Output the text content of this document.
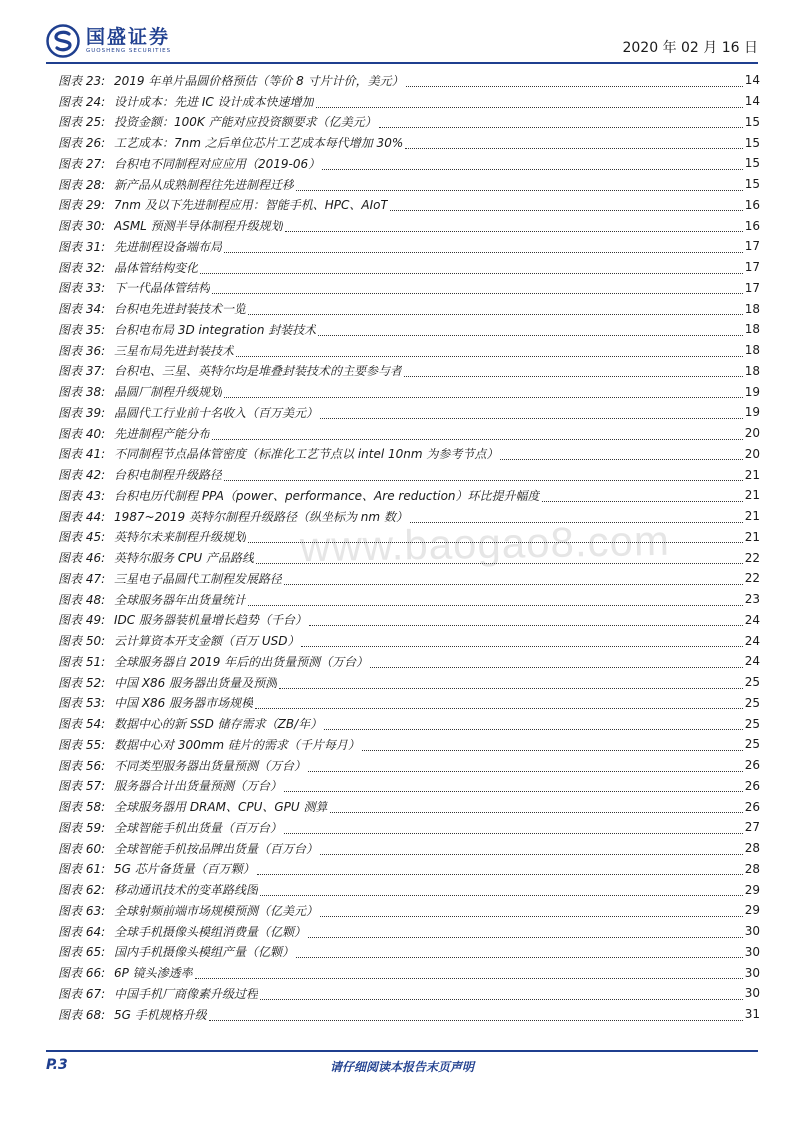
国盛证券
GUOSHENG SECURITIES	2020 年 02 月 16 日
www.baogao8.com
图表 23: 2019 年单片晶圆价格预估（等价 8 寸片计价，美元）	14
图表 24: 设计成本：先进 IC 设计成本快速增加	14
图表 25: 投资金额：100K 产能对应投资额要求（亿美元）	15
图表 26: 工艺成本：7nm 之后单位芯片工艺成本每代增加 30%	15
图表 27: 台积电不同制程对应应用（2019-06）	15
图表 28: 新产品从成熟制程往先进制程迁移	15
图表 29: 7nm 及以下先进制程应用：智能手机、HPC、AIoT	16
图表 30: ASML 预测半导体制程升级规划	16
图表 31: 先进制程设备端布局	17
图表 32: 晶体管结构变化	17
图表 33: 下一代晶体管结构	17
图表 34: 台积电先进封装技术一览	18
图表 35: 台积电布局 3D integration 封装技术	18
图表 36: 三星布局先进封装技术	18
图表 37: 台积电、三星、英特尔均是堆叠封装技术的主要参与者	18
图表 38: 晶圆厂制程升级规划	19
图表 39: 晶圆代工行业前十名收入（百万美元）	19
图表 40: 先进制程产能分布	20
图表 41: 不同制程节点晶体管密度（标准化工艺节点以 intel 10nm 为参考节点）	20
图表 42: 台积电制程升级路径	21
图表 43: 台积电历代制程 PPA（power、performance、Are reduction）环比提升幅度	21
图表 44: 1987~2019 英特尔制程升级路径（纵坐标为 nm 数）	21
图表 45: 英特尔未来制程升级规划	21
图表 46: 英特尔服务 CPU 产品路线	22
图表 47: 三星电子晶圆代工制程发展路径	22
图表 48: 全球服务器年出货量统计	23
图表 49: IDC 服务器装机量增长趋势（千台）	24
图表 50: 云计算资本开支金额（百万 USD）	24
图表 51: 全球服务器自 2019 年后的出货量预测（万台）	24
图表 52: 中国 X86 服务器出货量及预测	25
图表 53: 中国 X86 服务器市场规模	25
图表 54: 数据中心的新 SSD 储存需求（ZB/年）	25
图表 55: 数据中心对 300mm 硅片的需求（千片每月）	25
图表 56: 不同类型服务器出货量预测（万台）	26
图表 57: 服务器合计出货量预测（万台）	26
图表 58: 全球服务器用 DRAM、CPU、GPU 测算	26
图表 59: 全球智能手机出货量（百万台）	27
图表 60: 全球智能手机按品牌出货量（百万台）	28
图表 61: 5G 芯片备货量（百万颗）	28
图表 62: 移动通讯技术的变革路线图	29
图表 63: 全球射频前端市场规模预测（亿美元）	29
图表 64: 全球手机摄像头模组消费量（亿颗）	30
图表 65: 国内手机摄像头模组产量（亿颗）	30
图表 66: 6P 镜头渗透率	30
图表 67: 中国手机厂商像素升级过程	30
图表 68: 5G 手机规格升级	31
P.3	请仔细阅读本报告末页声明
